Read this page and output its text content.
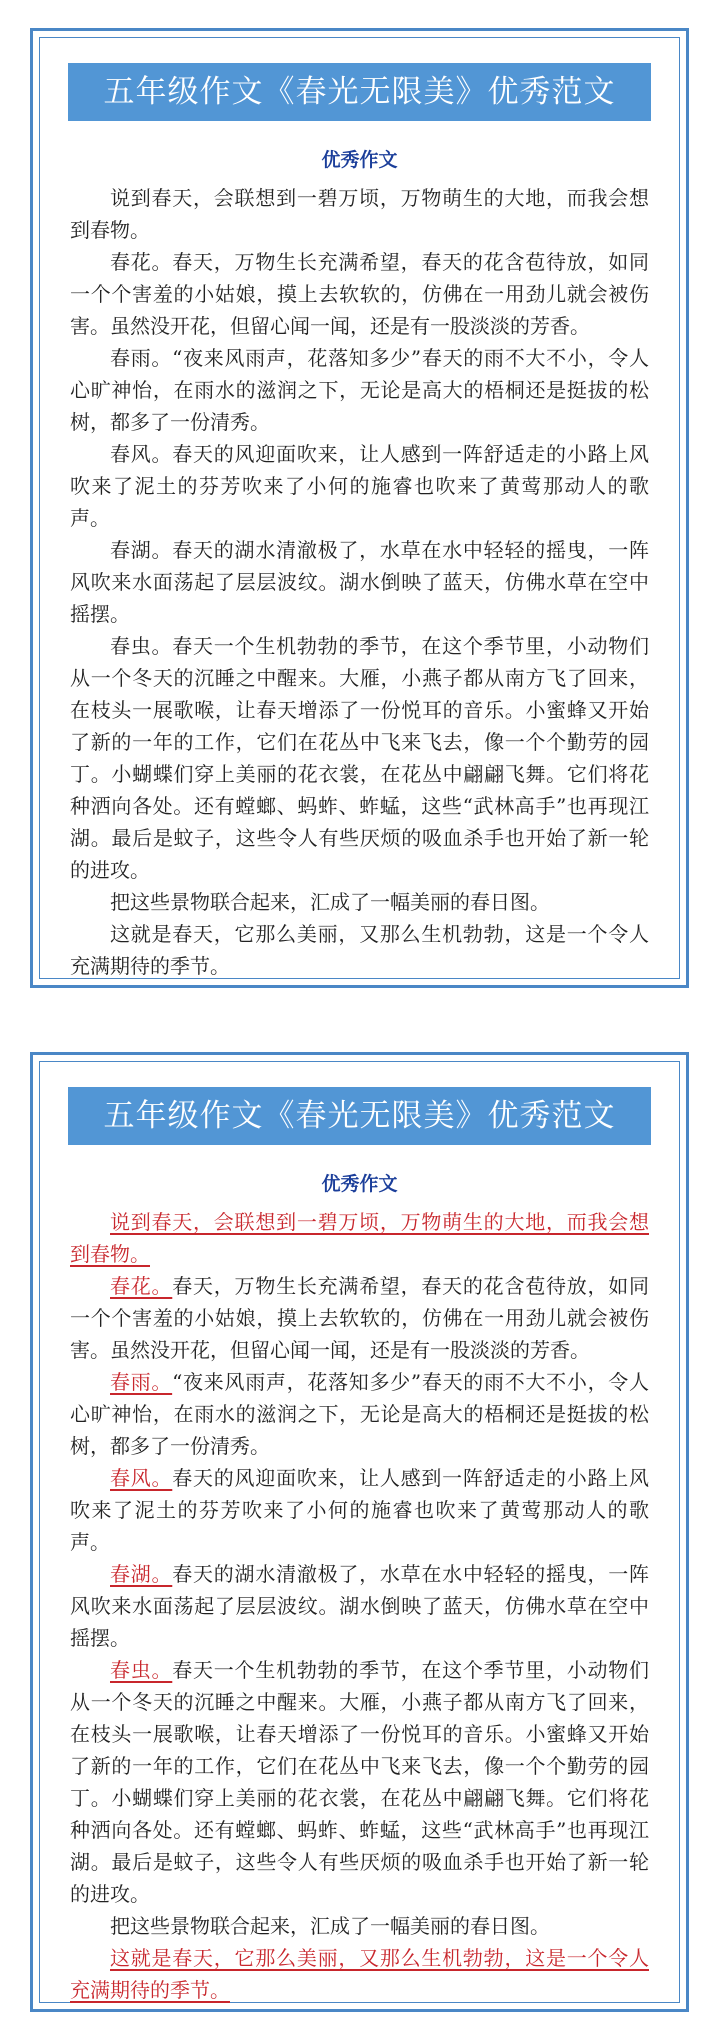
五年级作文《春光无限美》优秀范文
优秀作文

说到春天，会联想到一碧万顷，万物萌生的大地，而我会想到春物。

春花。春天，万物生长充满希望，春天的花含苞待放，如同一个个害羞的小姑娘，摸上去软软的，仿佛在一用劲儿就会被伤害。虽然没开花，但留心闻一闻，还是有一股淡淡的芳香。

春雨。“夜来风雨声，花落知多少”春天的雨不大不小，令人心旷神怡，在雨水的滋润之下，无论是高大的梧桐还是挺拔的松树，都多了一份清秀。

春风。春天的风迎面吹来，让人感到一阵舒适走的小路上风吹来了泥土的芬芳吹来了小何的施睿也吹来了黄莺那动人的歌声。

春湖。春天的湖水清澈极了，水草在水中轻轻的摇曳，一阵风吹来水面荡起了层层波纹。湖水倒映了蓝天，仿佛水草在空中摇摆。

春虫。春天一个生机勃勃的季节，在这个季节里，小动物们从一个冬天的沉睡之中醒来。大雁，小燕子都从南方飞了回来，在枝头一展歌喉，让春天增添了一份悦耳的音乐。小蜜蜂又开始了新的一年的工作，它们在花丛中飞来飞去，像一个个勤劳的园丁。小蝴蝶们穿上美丽的花衣裳，在花丛中翩翩飞舞。它们将花种洒向各处。还有螳螂、蚂蚱、蚱蜢，这些“武林高手”也再现江湖。最后是蚊子，这些令人有些厌烦的吸血杀手也开始了新一轮的进攻。

把这些景物联合起来，汇成了一幅美丽的春日图。

这就是春天，它那么美丽，又那么生机勃勃，这是一个令人充满期待的季节。

五年级作文《春光无限美》优秀范文
优秀作文

说到春天，会联想到一碧万顷，万物萌生的大地，而我会想到春物。

春花。春天，万物生长充满希望，春天的花含苞待放，如同一个个害羞的小姑娘，摸上去软软的，仿佛在一用劲儿就会被伤害。虽然没开花，但留心闻一闻，还是有一股淡淡的芳香。

春雨。“夜来风雨声，花落知多少”春天的雨不大不小，令人心旷神怡，在雨水的滋润之下，无论是高大的梧桐还是挺拔的松树，都多了一份清秀。

春风。春天的风迎面吹来，让人感到一阵舒适走的小路上风吹来了泥土的芬芳吹来了小何的施睿也吹来了黄莺那动人的歌声。

春湖。春天的湖水清澈极了，水草在水中轻轻的摇曳，一阵风吹来水面荡起了层层波纹。湖水倒映了蓝天，仿佛水草在空中摇摆。

春虫。春天一个生机勃勃的季节，在这个季节里，小动物们从一个冬天的沉睡之中醒来。大雁，小燕子都从南方飞了回来，在枝头一展歌喉，让春天增添了一份悦耳的音乐。小蜜蜂又开始了新的一年的工作，它们在花丛中飞来飞去，像一个个勤劳的园丁。小蝴蝶们穿上美丽的花衣裳，在花丛中翩翩飞舞。它们将花种洒向各处。还有螳螂、蚂蚱、蚱蜢，这些“武林高手”也再现江湖。最后是蚊子，这些令人有些厌烦的吸血杀手也开始了新一轮的进攻。

把这些景物联合起来，汇成了一幅美丽的春日图。

这就是春天，它那么美丽，又那么生机勃勃，这是一个令人充满期待的季节。
